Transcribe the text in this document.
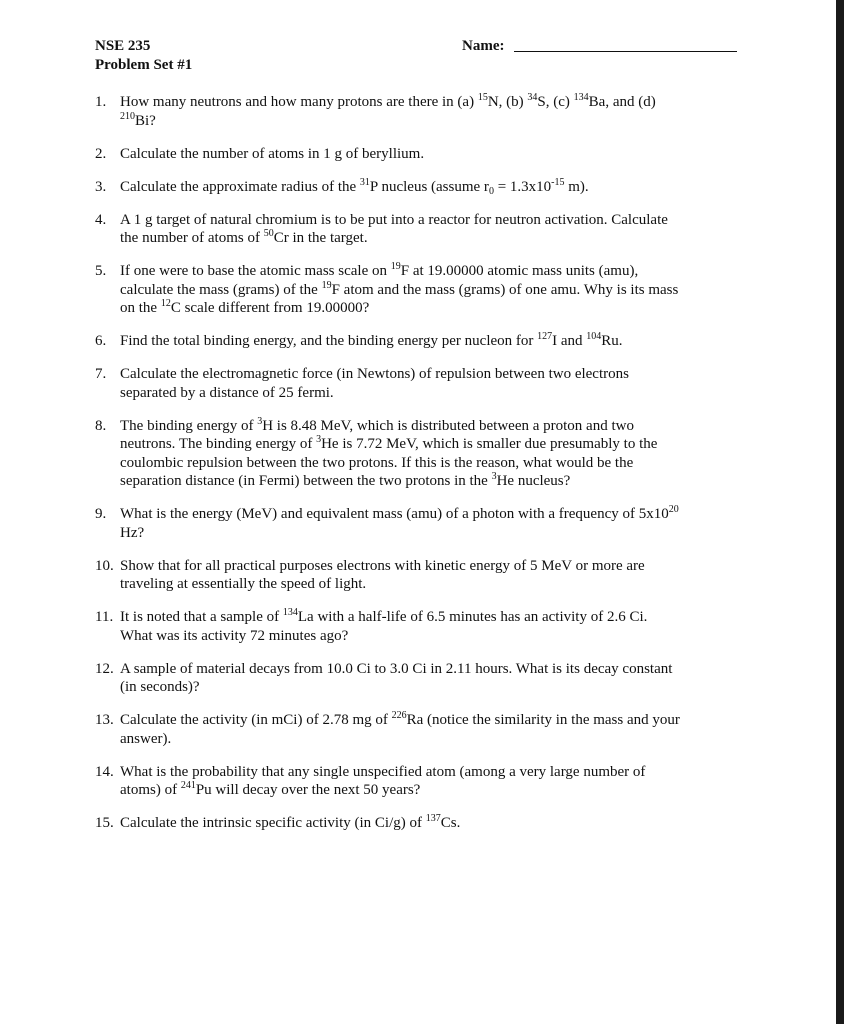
NSE 235
Problem Set #1
Name:
1. How many neutrons and how many protons are there in (a) $^{15}$N, (b) $^{34}$S, (c) $^{134}$Ba, and (d)
$^{210}$Bi?
2. Calculate the number of atoms in 1 g of beryllium.
3. Calculate the approximate radius of the $^{31}$P nucleus (assume $r_0 = 1.3x10^{-15}$ m).
4. A 1 g target of natural chromium is to be put into a reactor for neutron activation. Calculate
the number of atoms of $^{50}$Cr in the target.
5. If one were to base the atomic mass scale on $^{19}$F at 19.00000 atomic mass units (amu),
calculate the mass (grams) of the $^{19}$F atom and the mass (grams) of one amu. Why is its mass
on the $^{12}$C scale different from 19.00000?
6. Find the total binding energy, and the binding energy per nucleon for $^{127}$I and $^{104}$Ru.
7. Calculate the electromagnetic force (in Newtons) of repulsion between two electrons
separated by a distance of 25 fermi.
8. The binding energy of $^3$H is 8.48 MeV, which is distributed between a proton and two
neutrons. The binding energy of $^3$He is 7.72 MeV, which is smaller due presumably to the
coulombic repulsion between the two protons. If this is the reason, what would be the
separation distance (in Fermi) between the two protons in the $^3$He nucleus?
9. What is the energy (MeV) and equivalent mass (amu) of a photon with a frequency of $5x10^{20}$
Hz?
10. Show that for all practical purposes electrons with kinetic energy of 5 MeV or more are
traveling at essentially the speed of light.
11. It is noted that a sample of $^{134}$La with a half-life of 6.5 minutes has an activity of 2.6 Ci.
What was its activity 72 minutes ago?
12. A sample of material decays from 10.0 Ci to 3.0 Ci in 2.11 hours. What is its decay constant
(in seconds)?
13. Calculate the activity (in mCi) of 2.78 mg of $^{226}$Ra (notice the similarity in the mass and your
answer).
14. What is the probability that any single unspecified atom (among a very large number of
atoms) of $^{241}$Pu will decay over the next 50 years?
15. Calculate the intrinsic specific activity (in Ci/g) of $^{137}$Cs.
